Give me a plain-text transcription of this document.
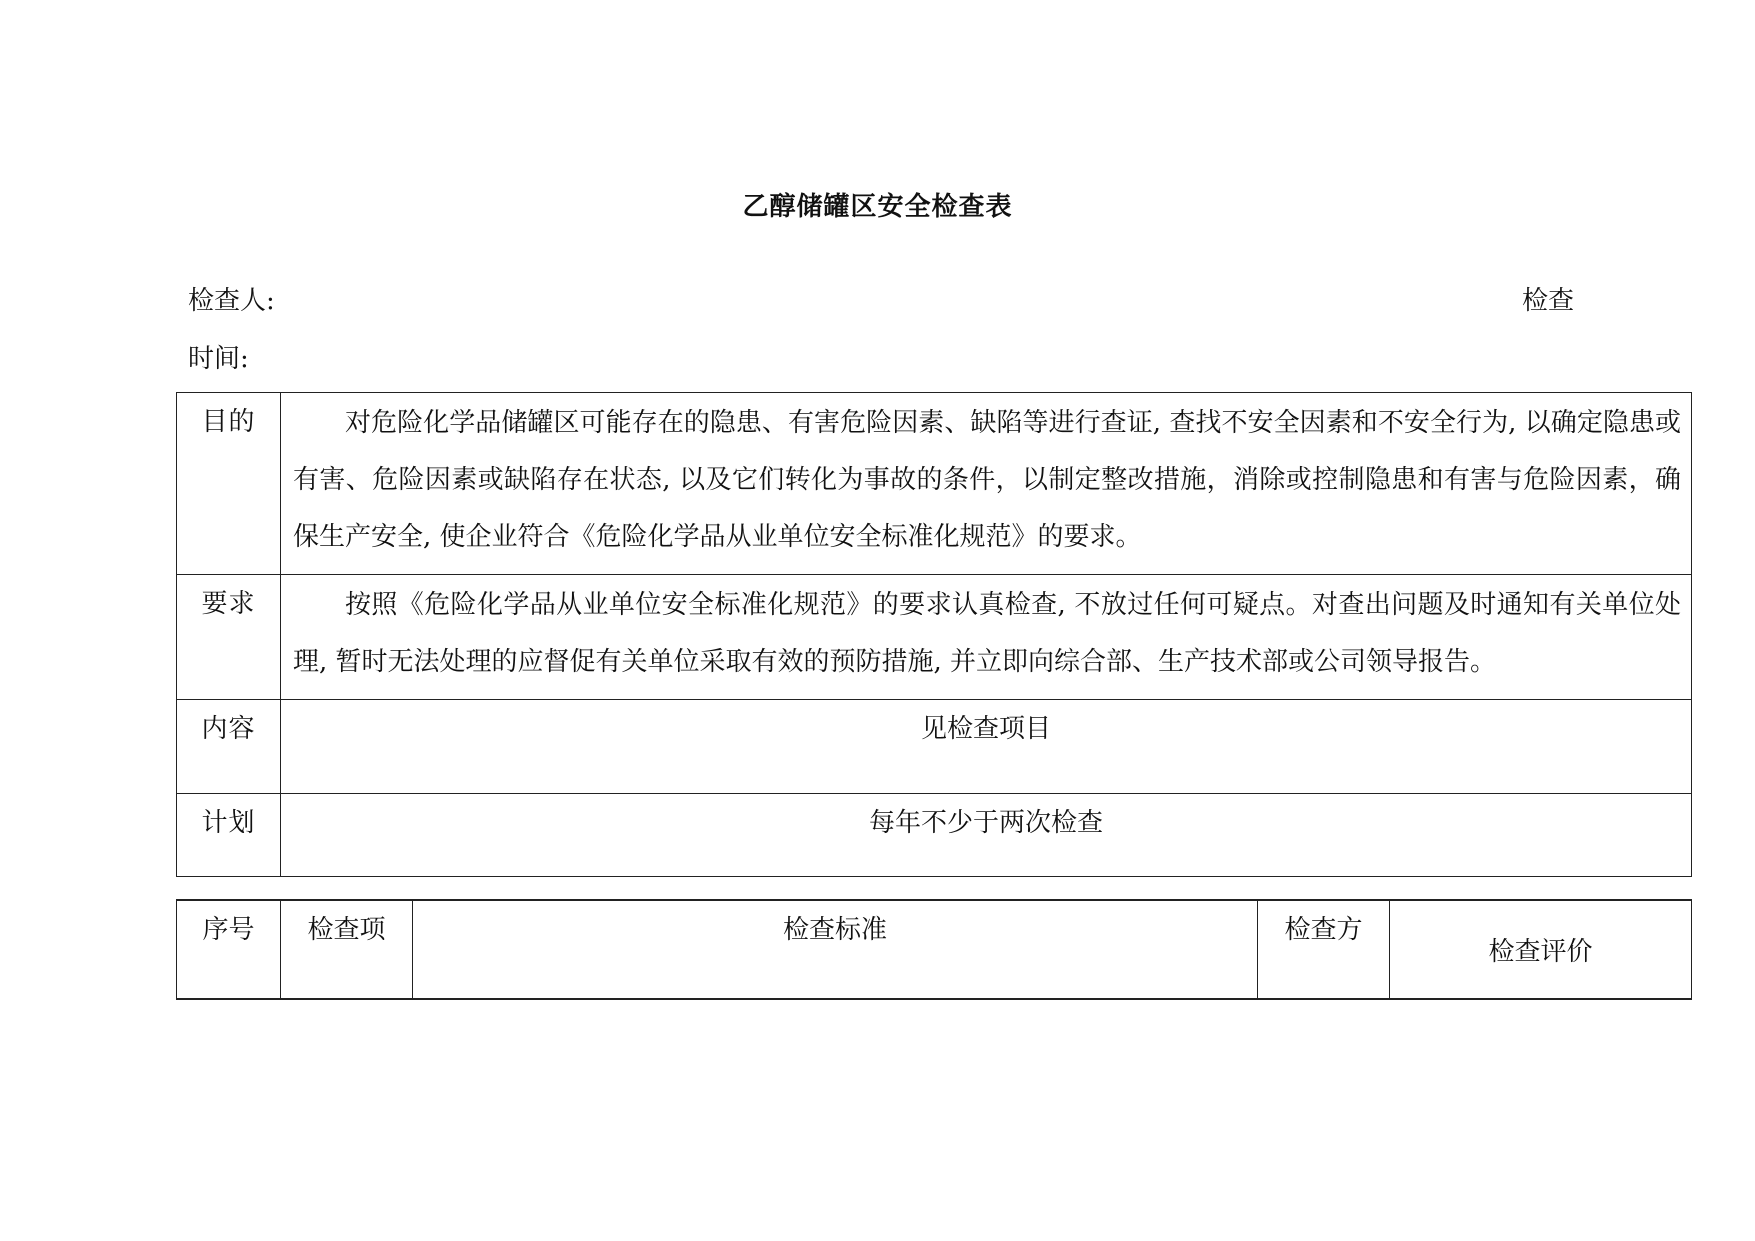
乙醇储罐区安全检查表
检查人:	检查
时间:
目的	对危险化学品储罐区可能存在的隐患、有害危险因素、缺陷等进行查证, 查找不安全因素和不安全行为, 以确定隐患或有害、危险因素或缺陷存在状态, 以及它们转化为事故的条件，以制定整改措施，消除或控制隐患和有害与危险因素，确保生产安全, 使企业符合《危险化学品从业单位安全标准化规范》的要求。
要求	按照《危险化学品从业单位安全标准化规范》的要求认真检查, 不放过任何可疑点。对查出问题及时通知有关单位处理, 暂时无法处理的应督促有关单位采取有效的预防措施, 并立即向综合部、生产技术部或公司领导报告。
内容	见检查项目
计划	每年不少于两次检查
序号	检查项	检查标准	检查方	检查评价
